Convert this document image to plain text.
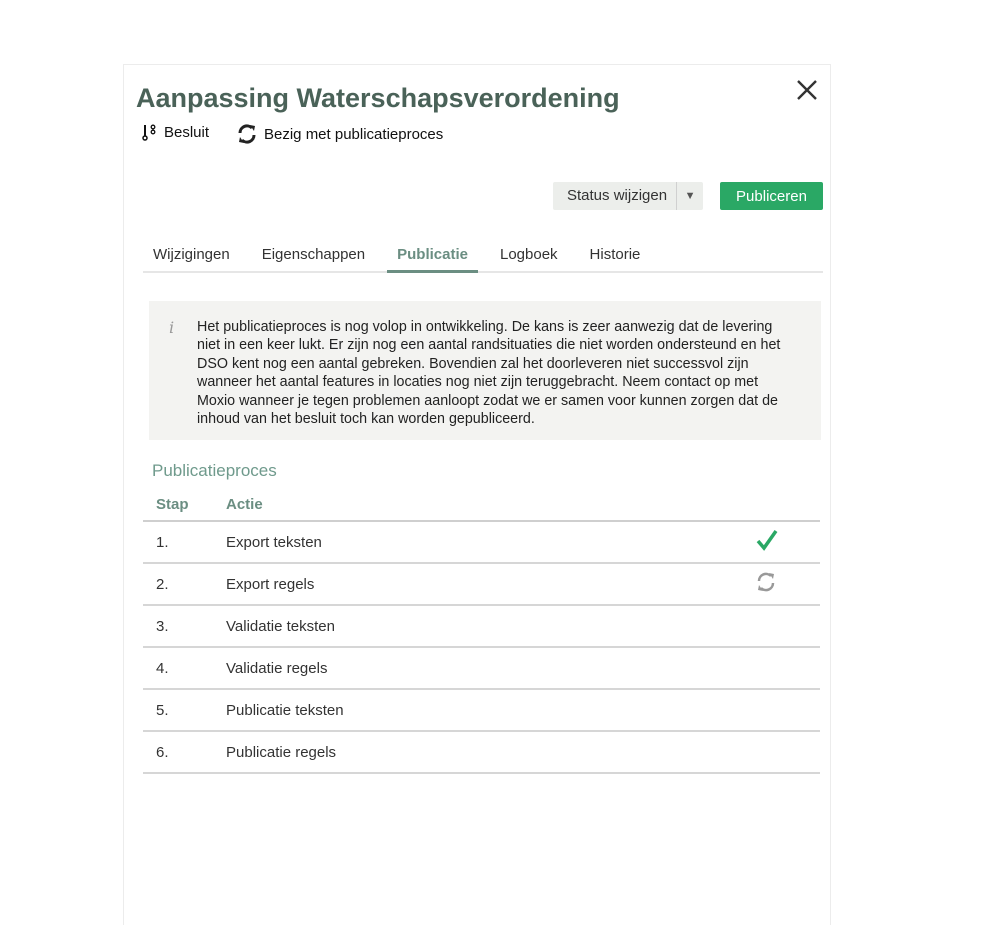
Aanpassing Waterschapsverordening
Besluit	Bezig met publicatieproces
Status wijzigen	▼	Publiceren
Wijzigingen	Eigenschappen	Publicatie	Logboek	Historie
i Het publicatieproces is nog volop in ontwikkeling. De kans is zeer aanwezig dat de levering niet in een keer lukt. Er zijn nog een aantal randsituaties die niet worden ondersteund en het DSO kent nog een aantal gebreken. Bovendien zal het doorleveren niet successvol zijn wanneer het aantal features in locaties nog niet zijn teruggebracht. Neem contact op met Moxio wanneer je tegen problemen aanloopt zodat we er samen voor kunnen zorgen dat de inhoud van het besluit toch kan worden gepubliceerd.

Publicatieproces
Stap	Actie	
1.	Export teksten	
2.	Export regels	
3.	Validatie teksten	
4.	Validatie regels	
5.	Publicatie teksten	
6.	Publicatie regels	
